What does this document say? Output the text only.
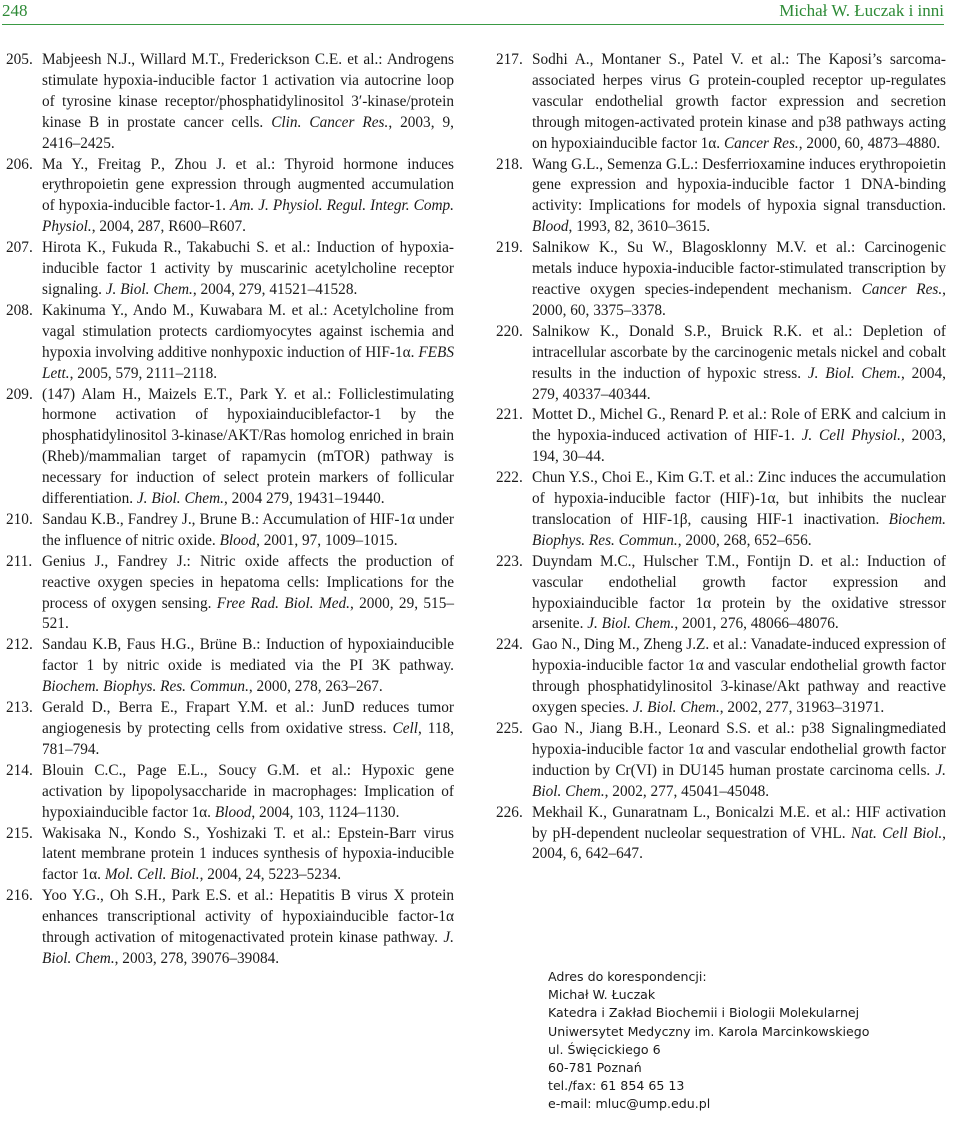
248	Michał W. Łuczak i inni
205. Mabjeesh N.J., Willard M.T., Frederickson C.E. et al.: Androgens stimulate hypoxia-inducible factor 1 activation via autocrine loop of tyrosine kinase receptor/phosphatidylinositol 3′-kinase/protein kinase B in prostate cancer cells. Clin. Cancer Res., 2003, 9, 2416–2425.
206. Ma Y., Freitag P., Zhou J. et al.: Thyroid hormone induces erythropoietin gene expression through augmented accumulation of hypoxia-inducible factor-1. Am. J. Physiol. Regul. Integr. Comp. Physiol., 2004, 287, R600–R607.
207. Hirota K., Fukuda R., Takabuchi S. et al.: Induction of hypoxia-inducible factor 1 activity by muscarinic acetylcholine receptor signaling. J. Biol. Chem., 2004, 279, 41521–41528.
208. Kakinuma Y., Ando M., Kuwabara M. et al.: Acetylcholine from vagal stimulation protects cardiomyocytes against ischemia and hypoxia involving additive nonhypoxic induction of HIF-1α. FEBS Lett., 2005, 579, 2111–2118.
209. (147) Alam H., Maizels E.T., Park Y. et al.: Folliclestimulating hormone activation of hypoxiainduciblefactor-1 by the phosphatidylinositol 3-kinase/AKT/Ras homolog enriched in brain (Rheb)/mammalian target of rapamycin (mTOR) pathway is necessary for induction of select protein markers of follicular differentiation. J. Biol. Chem., 2004 279, 19431–19440.
210. Sandau K.B., Fandrey J., Brune B.: Accumulation of HIF-1α under the influence of nitric oxide. Blood, 2001, 97, 1009–1015.
211. Genius J., Fandrey J.: Nitric oxide affects the production of reactive oxygen species in hepatoma cells: Implications for the process of oxygen sensing. Free Rad. Biol. Med., 2000, 29, 515–521.
212. Sandau K.B, Faus H.G., Brüne B.: Induction of hypoxiainducible factor 1 by nitric oxide is mediated via the PI 3K pathway. Biochem. Biophys. Res. Commun., 2000, 278, 263–267.
213. Gerald D., Berra E., Frapart Y.M. et al.: JunD reduces tumor angiogenesis by protecting cells from oxidative stress. Cell, 118, 781–794.
214. Blouin C.C., Page E.L., Soucy G.M. et al.: Hypoxic gene activation by lipopolysaccharide in macrophages: Implication of hypoxiainducible factor 1α. Blood, 2004, 103, 1124–1130.
215. Wakisaka N., Kondo S., Yoshizaki T. et al.: Epstein-Barr virus latent membrane protein 1 induces synthesis of hypoxia-inducible factor 1α. Mol. Cell. Biol., 2004, 24, 5223–5234.
216. Yoo Y.G., Oh S.H., Park E.S. et al.: Hepatitis B virus X protein enhances transcriptional activity of hypoxiainducible factor-1α through activation of mitogenactivated protein kinase pathway. J. Biol. Chem., 2003, 278, 39076–39084.
217. Sodhi A., Montaner S., Patel V. et al.: The Kaposi’s sarcoma-associated herpes virus G protein-coupled receptor up-regulates vascular endothelial growth factor expression and secretion through mitogen-activated protein kinase and p38 pathways acting on hypoxiainducible factor 1α. Cancer Res., 2000, 60, 4873–4880.
218. Wang G.L., Semenza G.L.: Desferrioxamine induces erythropoietin gene expression and hypoxia-inducible factor 1 DNA-binding activity: Implications for models of hypoxia signal transduction. Blood, 1993, 82, 3610–3615.
219. Salnikow K., Su W., Blagosklonny M.V. et al.: Carcinogenic metals induce hypoxia-inducible factor-stimulated transcription by reactive oxygen species-independent mechanism. Cancer Res., 2000, 60, 3375–3378.
220. Salnikow K., Donald S.P., Bruick R.K. et al.: Depletion of intracellular ascorbate by the carcinogenic metals nickel and cobalt results in the induction of hypoxic stress. J. Biol. Chem., 2004, 279, 40337–40344.
221. Mottet D., Michel G., Renard P. et al.: Role of ERK and calcium in the hypoxia-induced activation of HIF-1. J. Cell Physiol., 2003, 194, 30–44.
222. Chun Y.S., Choi E., Kim G.T. et al.: Zinc induces the accumulation of hypoxia-inducible factor (HIF)-1α, but inhibits the nuclear translocation of HIF-1β, causing HIF-1 inactivation. Biochem. Biophys. Res. Commun., 2000, 268, 652–656.
223. Duyndam M.C., Hulscher T.M., Fontijn D. et al.: Induction of vascular endothelial growth factor expression and hypoxiainducible factor 1α protein by the oxidative stressor arsenite. J. Biol. Chem., 2001, 276, 48066–48076.
224. Gao N., Ding M., Zheng J.Z. et al.: Vanadate-induced expression of hypoxia-inducible factor 1α and vascular endothelial growth factor through phosphatidylinositol 3-kinase/Akt pathway and reactive oxygen species. J. Biol. Chem., 2002, 277, 31963–31971.
225. Gao N., Jiang B.H., Leonard S.S. et al.: p38 Signalingmediated hypoxia-inducible factor 1α and vascular endothelial growth factor induction by Cr(VI) in DU145 human prostate carcinoma cells. J. Biol. Chem., 2002, 277, 45041–45048.
226. Mekhail K., Gunaratnam L., Bonicalzi M.E. et al.: HIF activation by pH-dependent nucleolar sequestration of VHL. Nat. Cell Biol., 2004, 6, 642–647.
Adres do korespondencji:
Michał W. Łuczak
Katedra i Zakład Biochemii i Biologii Molekularnej
Uniwersytet Medyczny im. Karola Marcinkowskiego
ul. Święcickiego 6
60-781 Poznań
tel./fax: 61 854 65 13
e-mail: mluc@ump.edu.pl
